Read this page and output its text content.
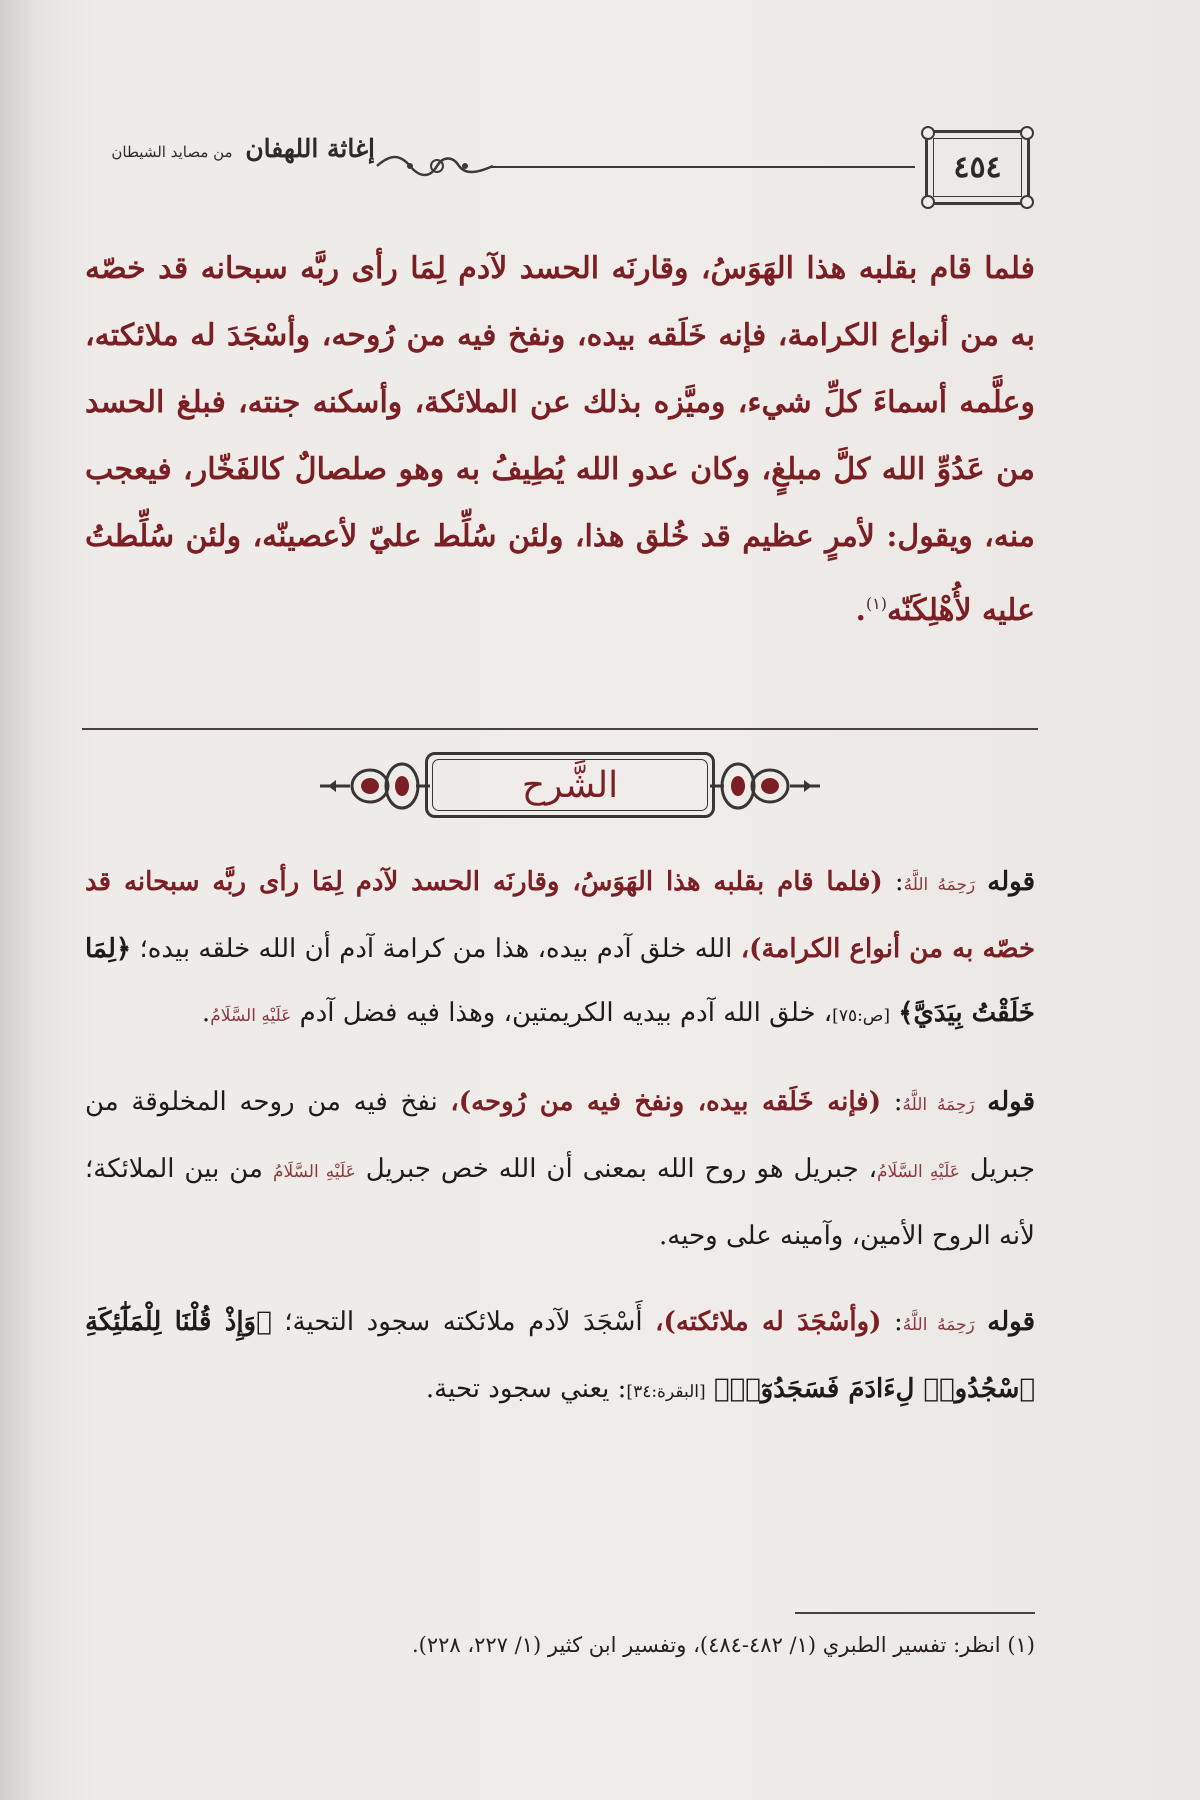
إغاثة اللهفان من مصايد الشيطان	٤٥٤

فلما قام بقلبه هذا الهَوَسُ، وقارنَه الحسد لآدم لِمَا رأى ربَّه سبحانه قد خصّه به من أنواع الكرامة، فإنه خَلَقه بيده، ونفخ فيه من رُوحه، وأسْجَدَ له ملائكته، وعلَّمه أسماءَ كلِّ شيء، وميَّزه بذلك عن الملائكة، وأسكنه جنته، فبلغ الحسد من عَدُوِّ الله كلَّ مبلغٍ، وكان عدو الله يُطِيفُ به وهو صلصالٌ كالفَخّار، فيعجب منه، ويقول: لأمرٍ عظيم قد خُلق هذا، ولئن سُلِّط عليّ لأعصينّه، ولئن سُلِّطتُ عليه لأُهْلِكَنّه$^{(١)}$.

الشَّرح

قوله رَحِمَهُ اللَّهُ: (فلما قام بقلبه هذا الهَوَسُ، وقارنَه الحسد لآدم لِمَا رأى ربَّه سبحانه قد خصّه به من أنواع الكرامة)، الله خلق آدم بيده، هذا من كرامة آدم أن الله خلقه بيده؛ ﴿لِمَا خَلَقْتُ بِيَدَيَّ﴾ [ص:٧٥]، خلق الله آدم بيديه الكريمتين، وهذا فيه فضل آدم عَلَيْهِ السَّلَامُ.

قوله رَحِمَهُ اللَّهُ: (فإنه خَلَقه بيده، ونفخ فيه من رُوحه)، نفخ فيه من روحه المخلوقة من جبريل عَلَيْهِ السَّلَامُ، جبريل هو روح الله بمعنى أن الله خص جبريل عَلَيْهِ السَّلَامُ من بين الملائكة؛ لأنه الروح الأمين، وآمينه على وحيه.

قوله رَحِمَهُ اللَّهُ: (وأسْجَدَ له ملائكته)، أَسْجَدَ لآدم ملائكته سجود التحية؛ ﴿وَإِذْ قُلْنَا لِلْمَلَٰٓئِكَةِ ٱسْجُدُوا۟ لِءَادَمَ فَسَجَدُوٓا۟﴾ [البقرة:٣٤]: يعني سجود تحية.

(١) انظر: تفسير الطبري (١/ ٤٨٢-٤٨٤)، وتفسير ابن كثير (١/ ٢٢٧، ٢٢٨).
